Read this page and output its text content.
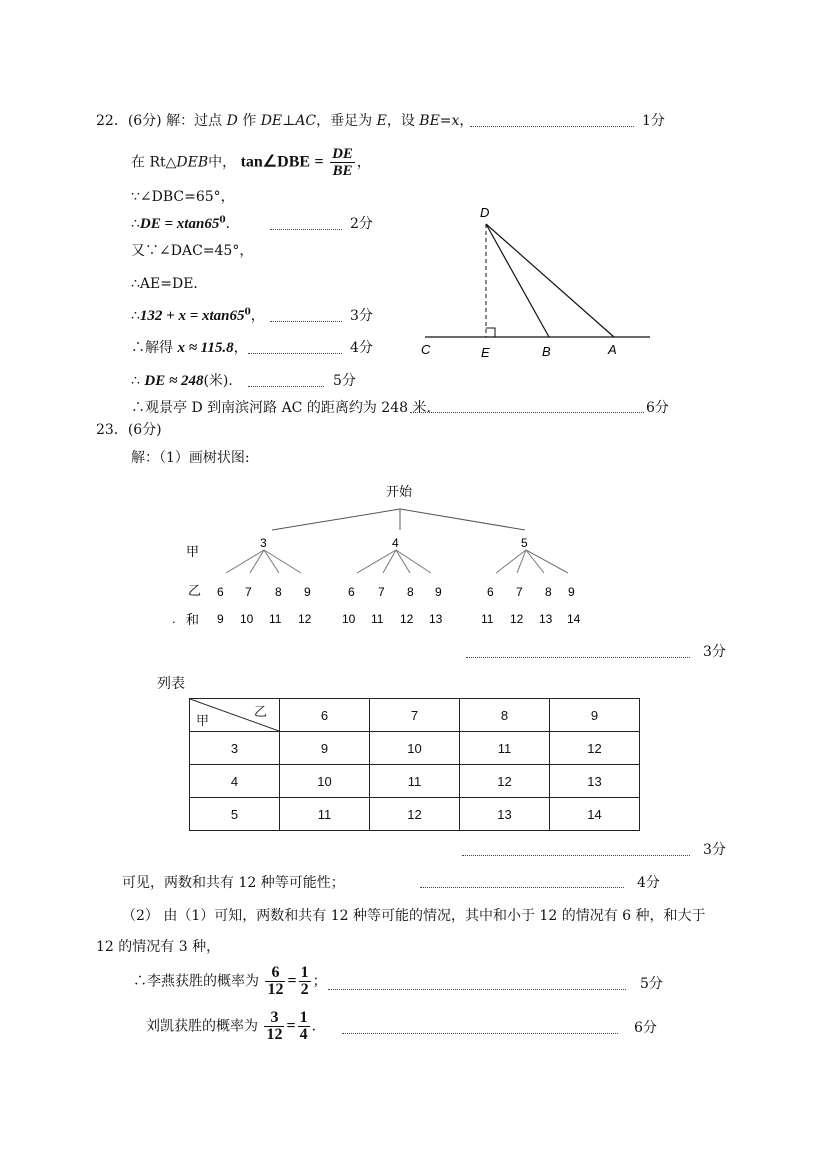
22．(6分) 解：过点 D 作 DE⊥AC，垂足为 E，设 BE=x，	1分
在 Rt△DEB中， tan∠DBE = $\frac{DE}{BE}$ ，
∵∠DBC=65°，
∴DE = $xtan65^0$．	2分
又∵∠DAC=45°，
∴AE=DE．
∴132 + $x = xtan65^0$，	3分
∴解得 x ≈ 115.8，	4分
∴ DE ≈ 248(米)．	5分
∴观景亭 D 到南滨河路 AC 的距离约为 248 米．	6分
D
C	E	B	A
23．(6分)
解：（1）画树状图:
开始
甲
乙
. 和
3
6 7 8 9
9 10 11 12
4
6 7 8 9
10 11 12 13
5
6 7 8 9
11 12 13 14
3分
列表
乙
甲	6	7	8	9
3	9	10	11	12
4	10	11	12	13
5	11	12	13	14
3分
可见，两数和共有 12 种等可能性；	4分
（2） 由（1）可知，两数和共有 12 种等可能的情况，其中和小于 12 的情况有 6 种，和大于
12 的情况有 3 种，
∴李燕获胜的概率为 $\frac{6}{12} = \frac{1}{2}$ ；	5分
刘凯获胜的概率为 $\frac{3}{12} = \frac{1}{4}$ ．	6分
